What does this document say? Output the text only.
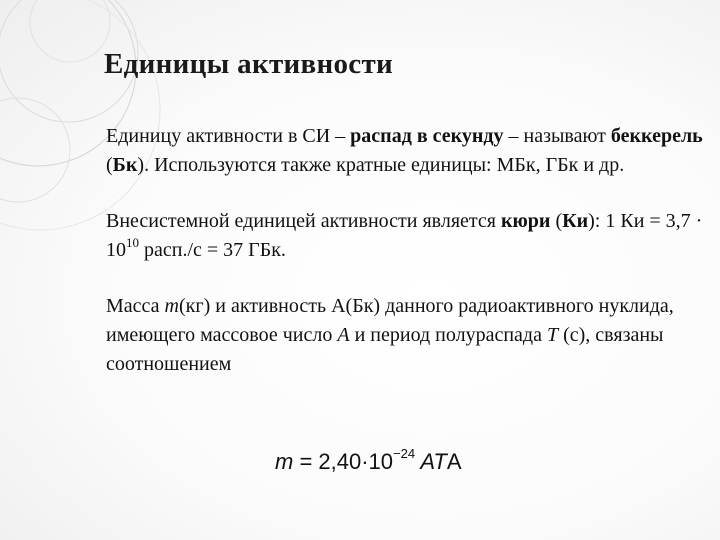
Единицы активности

Единицу активности в СИ – распад в секунду – называют беккерель (Бк). Используются также кратные единицы: МБк, ГБк и др.

Внесистемной единицей активности является кюри (Ки): 1 Ки = $3,7 \cdot 10^{10}$ расп./с = 37 ГБк.

Масса m(кг) и активность А(Бк) данного радиоактивного нуклида, имеющего массовое число A и период полураспада T (с), связаны соотношением

$m = 2,40\cdot 10^{-24}$ ATA
